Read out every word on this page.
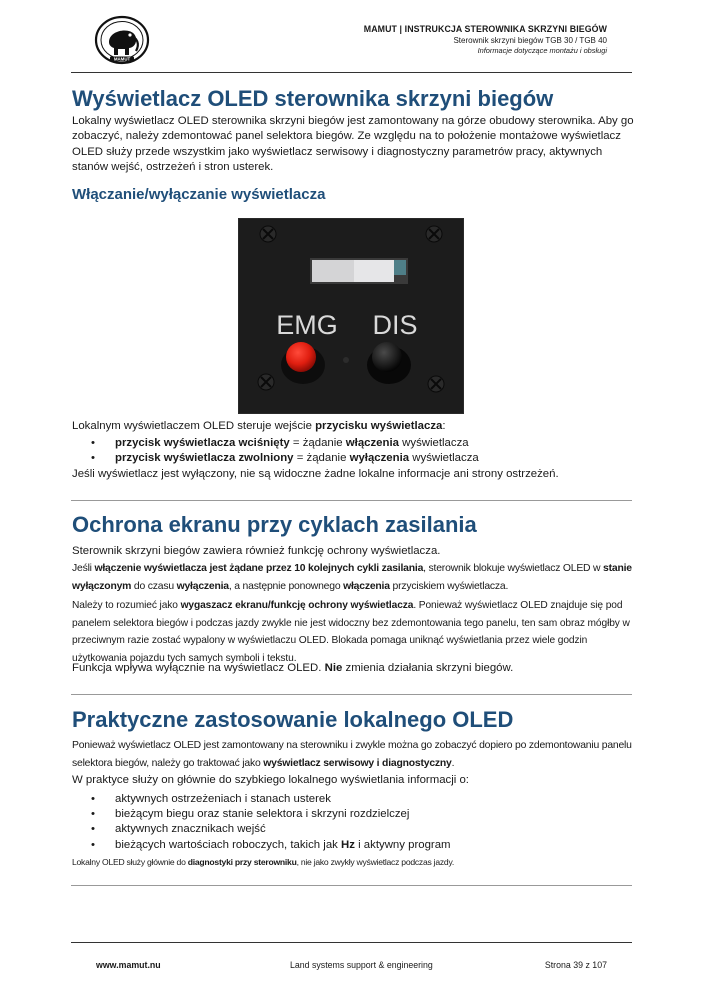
MAMUT
MAMUT | INSTRUKCJA STEROWNIKA SKRZYNI BIEGÓW
Sterownik skrzyni biegów TGB 30 / TGB 40
Informacje dotyczące montażu i obsługi
Wyświetlacz OLED sterownika skrzyni biegów

Lokalny wyświetlacz OLED sterownika skrzyni biegów jest zamontowany na górze obudowy sterownika. Aby go zobaczyć, należy zdemontować panel selektora biegów. Ze względu na to położenie montażowe wyświetlacz OLED służy przede wszystkim jako wyświetlacz serwisowy i diagnostyczny parametrów pracy, aktywnych stanów wejść, ostrzeżeń i stron usterek.

Włączanie/wyłączanie wyświetlacza
EMG DIS

Lokalnym wyświetlaczem OLED steruje wejście przycisku wyświetlacza:

• przycisk wyświetlacza wciśnięty = żądanie włączenia wyświetlacza
• przycisk wyświetlacza zwolniony = żądanie wyłączenia wyświetlacza

Jeśli wyświetlacz jest wyłączony, nie są widoczne żadne lokalne informacje ani strony ostrzeżeń.

Ochrona ekranu przy cyklach zasilania

Sterownik skrzyni biegów zawiera również funkcję ochrony wyświetlacza.

Jeśli włączenie wyświetlacza jest żądane przez 10 kolejnych cykli zasilania, sterownik blokuje wyświetlacz OLED w stanie wyłączonym do czasu wyłączenia, a następnie ponownego włączenia przyciskiem wyświetlacza.

Należy to rozumieć jako wygaszacz ekranu/funkcję ochrony wyświetlacza. Ponieważ wyświetlacz OLED znajduje się pod panelem selektora biegów i podczas jazdy zwykle nie jest widoczny bez zdemontowania tego panelu, ten sam obraz mógłby w przeciwnym razie zostać wypalony w wyświetlaczu OLED. Blokada pomaga uniknąć wyświetlania przez wiele godzin użytkowania pojazdu tych samych symboli i tekstu.

Funkcja wpływa wyłącznie na wyświetlacz OLED. Nie zmienia działania skrzyni biegów.

Praktyczne zastosowanie lokalnego OLED

Ponieważ wyświetlacz OLED jest zamontowany na sterowniku i zwykle można go zobaczyć dopiero po zdemontowaniu panelu selektora biegów, należy go traktować jako wyświetlacz serwisowy i diagnostyczny.

W praktyce służy on głównie do szybkiego lokalnego wyświetlania informacji o:

• aktywnych ostrzeżeniach i stanach usterek
• bieżącym biegu oraz stanie selektora i skrzyni rozdzielczej
• aktywnych znacznikach wejść
• bieżących wartościach roboczych, takich jak Hz i aktywny program

Lokalny OLED służy głównie do diagnostyki przy sterowniku, nie jako zwykły wyświetlacz podczas jazdy.

www.mamut.nu	Land systems support & engineering	Strona 39 z 107
